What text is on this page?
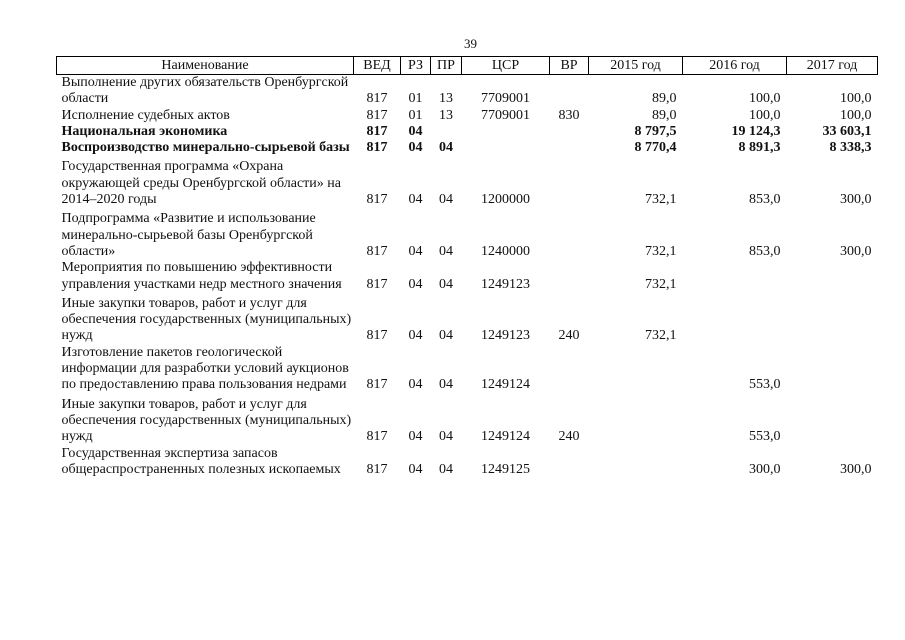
39
Наименование	ВЕД	РЗ	ПР	ЦСР	ВР	2015 год	2016 год	2017 год
Выполнение других обязательств Оренбургской области	817	01	13	7709001		89,0	100,0	100,0
Исполнение судебных актов	817	01	13	7709001	830	89,0	100,0	100,0
Национальная экономика	817	04				8 797,5	19 124,3	33 603,1
Воспроизводство минерально-сырьевой базы	817	04	04			8 770,4	8 891,3	8 338,3
Государственная программа «Охрана окружающей среды Оренбургской области» на 2014–2020 годы	817	04	04	1200000		732,1	853,0	300,0
Подпрограмма «Развитие и использование минерально-сырьевой базы Оренбургской области»	817	04	04	1240000		732,1	853,0	300,0
Мероприятия по повышению эффективности управления участками недр местного значения	817	04	04	1249123		732,1		
Иные закупки товаров, работ и услуг для обеспечения государственных (муниципальных) нужд	817	04	04	1249123	240	732,1		
Изготовление пакетов геологической информации для разработки условий аукционов по предоставлению права пользования недрами	817	04	04	1249124			553,0	
Иные закупки товаров, работ и услуг для обеспечения государственных (муниципальных) нужд	817	04	04	1249124	240		553,0	
Государственная экспертиза запасов общераспространенных полезных ископаемых	817	04	04	1249125			300,0	300,0
